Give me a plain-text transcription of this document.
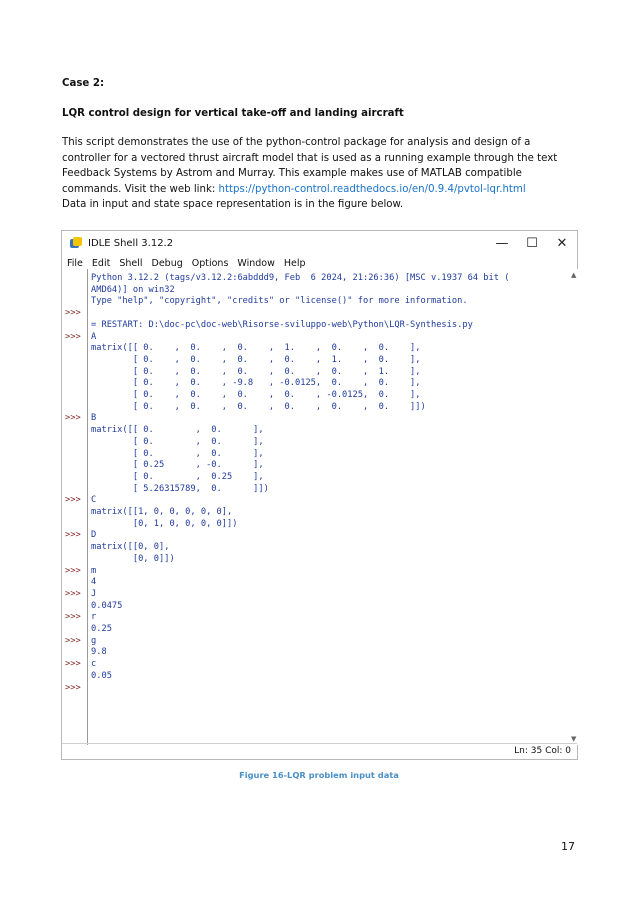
Case 2:
LQR control design for vertical take-off and landing aircraft
This script demonstrates the use of the python-control package for analysis and design of a controller for a vectored thrust aircraft model that is used as a running example through the text Feedback Systems by Astrom and Murray. This example makes use of MATLAB compatible commands. Visit the web link: https://python-control.readthedocs.io/en/0.9.4/pvtol-lqr.html
Data in input and state space representation is in the figure below.
IDLE Shell 3.12.2	—	☐	✕
File Edit Shell Debug Options Window Help
▲
▼
Python 3.12.2 (tags/v3.12.2:6abddd9, Feb  6 2024, 21:26:36) [MSC v.1937 64 bit (
AMD64)] on win32
Type "help", "copyright", "credits" or "license()" for more information.
>>>
= RESTART: D:\doc-pc\doc-web\Risorse-sviluppo-web\Python\LQR-Synthesis.py
>>> A
matrix([[ 0.    ,  0.    ,  0.    ,  1.    ,  0.    ,  0.    ],
[ 0.    ,  0.    ,  0.    ,  0.    ,  1.    ,  0.    ],
[ 0.    ,  0.    ,  0.    ,  0.    ,  0.    ,  1.    ],
[ 0.    ,  0.    , -9.8   , -0.0125,  0.    ,  0.    ],
[ 0.    ,  0.    ,  0.    ,  0.    , -0.0125,  0.    ],
[ 0.    ,  0.    ,  0.    ,  0.    ,  0.    ,  0.    ]])
>>> B
matrix([[ 0.        ,  0.      ],
[ 0.        ,  0.      ],
[ 0.        ,  0.      ],
[ 0.25      , -0.      ],
[ 0.        ,  0.25    ],
[ 5.26315789,  0.      ]])
>>> C
matrix([[1, 0, 0, 0, 0, 0],
[0, 1, 0, 0, 0, 0]])
>>> D
matrix([[0, 0],
[0, 0]])
>>> m
4
>>> J
0.0475
>>> r
0.25
>>> g
9.8
>>> c
0.05
>>>
Ln: 35 Col: 0
Figure 16-LQR problem input data
17
